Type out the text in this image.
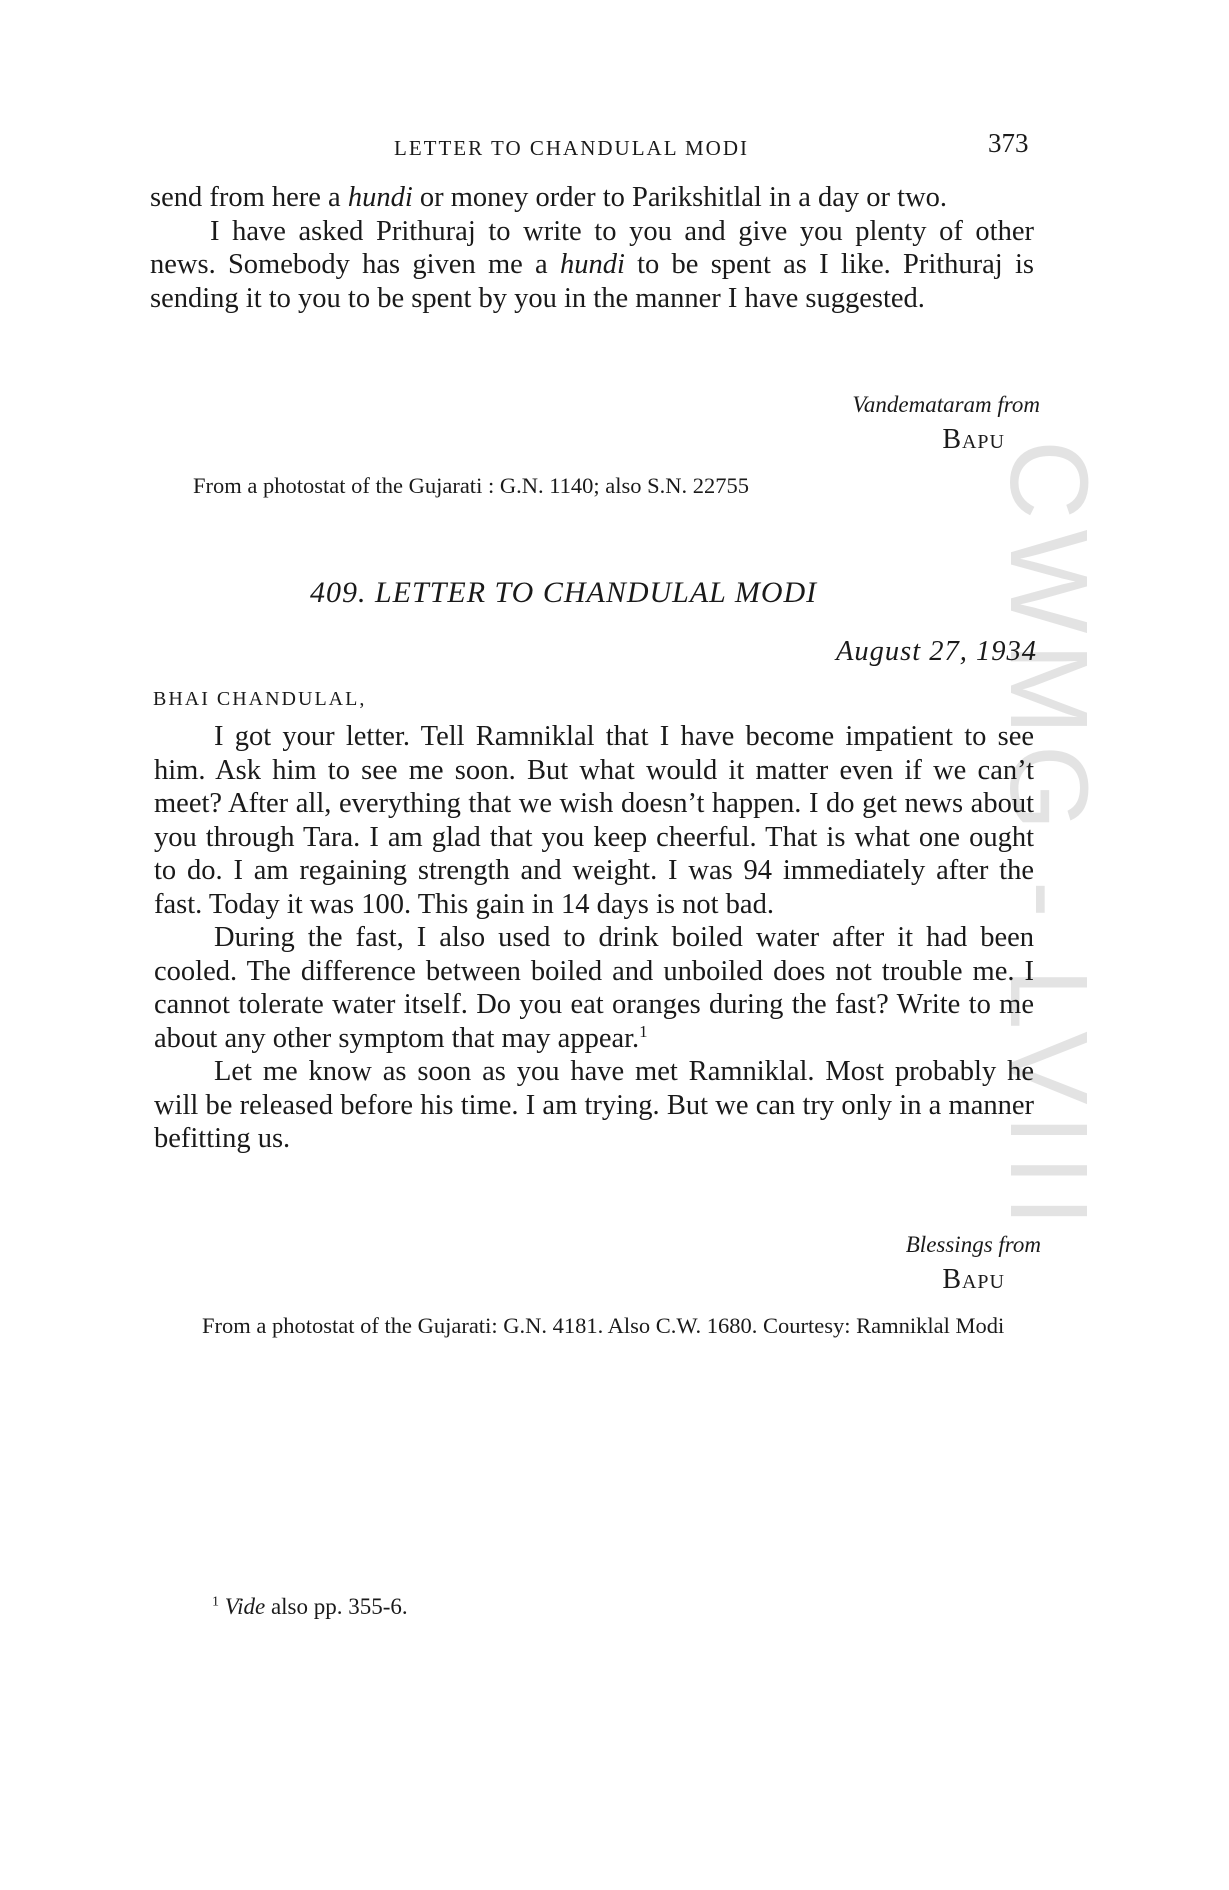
CWMG - LVIII
LETTER TO CHANDULAL MODI	373

send from here a hundi or money order to Parikshitlal in a day or two.

I have asked Prithuraj to write to you and give you plenty of other news. Somebody has given me a hundi to be spent as I like. Prithuraj is sending it to you to be spent by you in the manner I have suggested.

Vandemataram from
Bapu
From a photostat of the Gujarati : G.N. 1140; also S.N. 22755
409. LETTER TO CHANDULAL MODI
August 27, 1934
BHAI CHANDULAL,

I got your letter. Tell Ramniklal that I have become impatient to see him. Ask him to see me soon. But what would it matter even if we can’t meet? After all, everything that we wish doesn’t happen. I do get news about you through Tara. I am glad that you keep cheerful. That is what one ought to do. I am regaining strength and weight. I was 94 immediately after the fast. Today it was 100. This gain in 14 days is not bad.

During the fast, I also used to drink boiled water after it had been cooled. The difference between boiled and unboiled does not trouble me. I cannot tolerate water itself. Do you eat oranges during the fast? Write to me about any other symptom that may appear.$^1$

Let me know as soon as you have met Ramniklal. Most probably he will be released before his time. I am trying. But we can try only in a manner befitting us.

Blessings from
Bapu
From a photostat of the Gujarati: G.N. 4181. Also C.W. 1680. Courtesy: Ramniklal Modi
$^1$ Vide also pp. 355-6.
